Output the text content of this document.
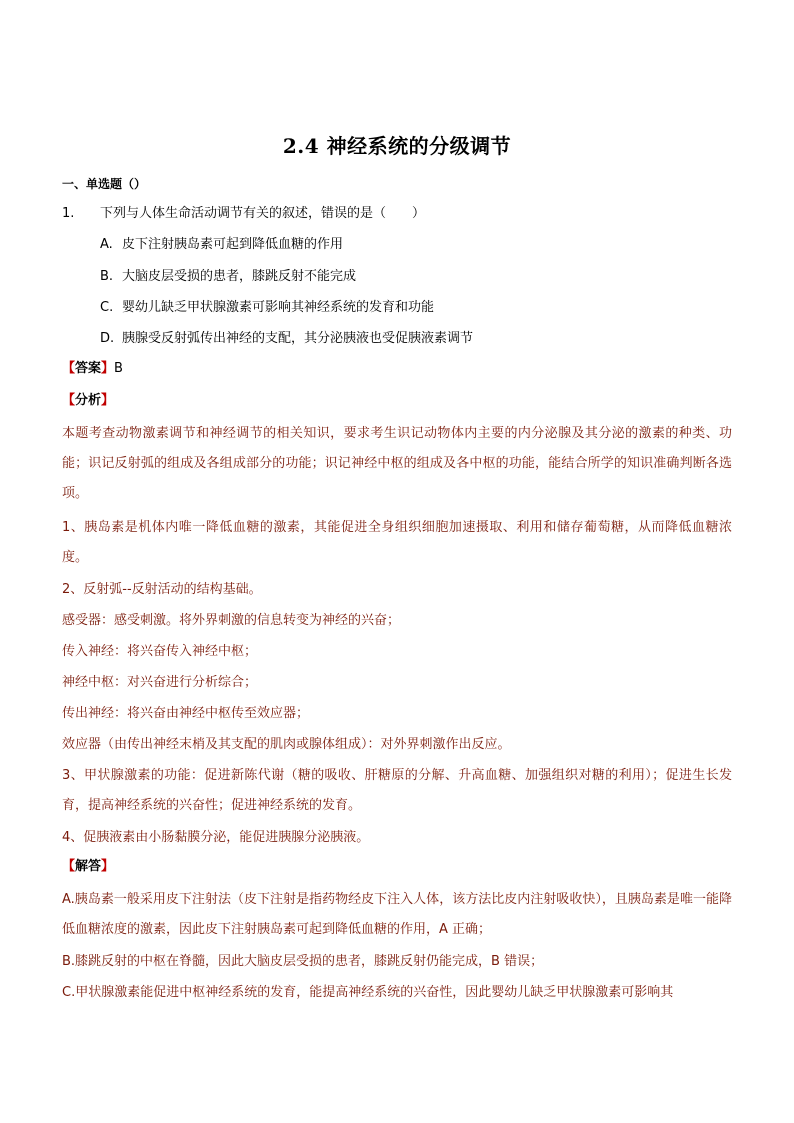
2.4 神经系统的分级调节
一、单选题（）
1. 下列与人体生命活动调节有关的叙述，错误的是（　　）
A. 皮下注射胰岛素可起到降低血糖的作用
B. 大脑皮层受损的患者，膝跳反射不能完成
C. 婴幼儿缺乏甲状腺激素可影响其神经系统的发育和功能
D. 胰腺受反射弧传出神经的支配，其分泌胰液也受促胰液素调节
【答案】B
【分析】
本题考查动物激素调节和神经调节的相关知识，要求考生识记动物体内主要的内分泌腺及其分泌的激素的种类、功能；识记反射弧的组成及各组成部分的功能；识记神经中枢的组成及各中枢的功能，能结合所学的知识准确判断各选项。
1、胰岛素是机体内唯一降低血糖的激素，其能促进全身组织细胞加速摄取、利用和储存葡萄糖，从而降低血糖浓度。
2、反射弧--反射活动的结构基础。
感受器：感受刺激。将外界刺激的信息转变为神经的兴奋；
传入神经：将兴奋传入神经中枢；
神经中枢：对兴奋进行分析综合；
传出神经：将兴奋由神经中枢传至效应器；
效应器（由传出神经末梢及其支配的肌肉或腺体组成）：对外界刺激作出反应。
3、甲状腺激素的功能：促进新陈代谢（糖的吸收、肝糖原的分解、升高血糖、加强组织对糖的利用）；促进生长发育，提高神经系统的兴奋性；促进神经系统的发育。
4、促胰液素由小肠黏膜分泌，能促进胰腺分泌胰液。
【解答】
A.胰岛素一般采用皮下注射法（皮下注射是指药物经皮下注入人体，该方法比皮内注射吸收快），且胰岛素是唯一能降低血糖浓度的激素，因此皮下注射胰岛素可起到降低血糖的作用，A 正确；
B.膝跳反射的中枢在脊髓，因此大脑皮层受损的患者，膝跳反射仍能完成，B 错误；
C.甲状腺激素能促进中枢神经系统的发育，能提高神经系统的兴奋性，因此婴幼儿缺乏甲状腺激素可影响其
